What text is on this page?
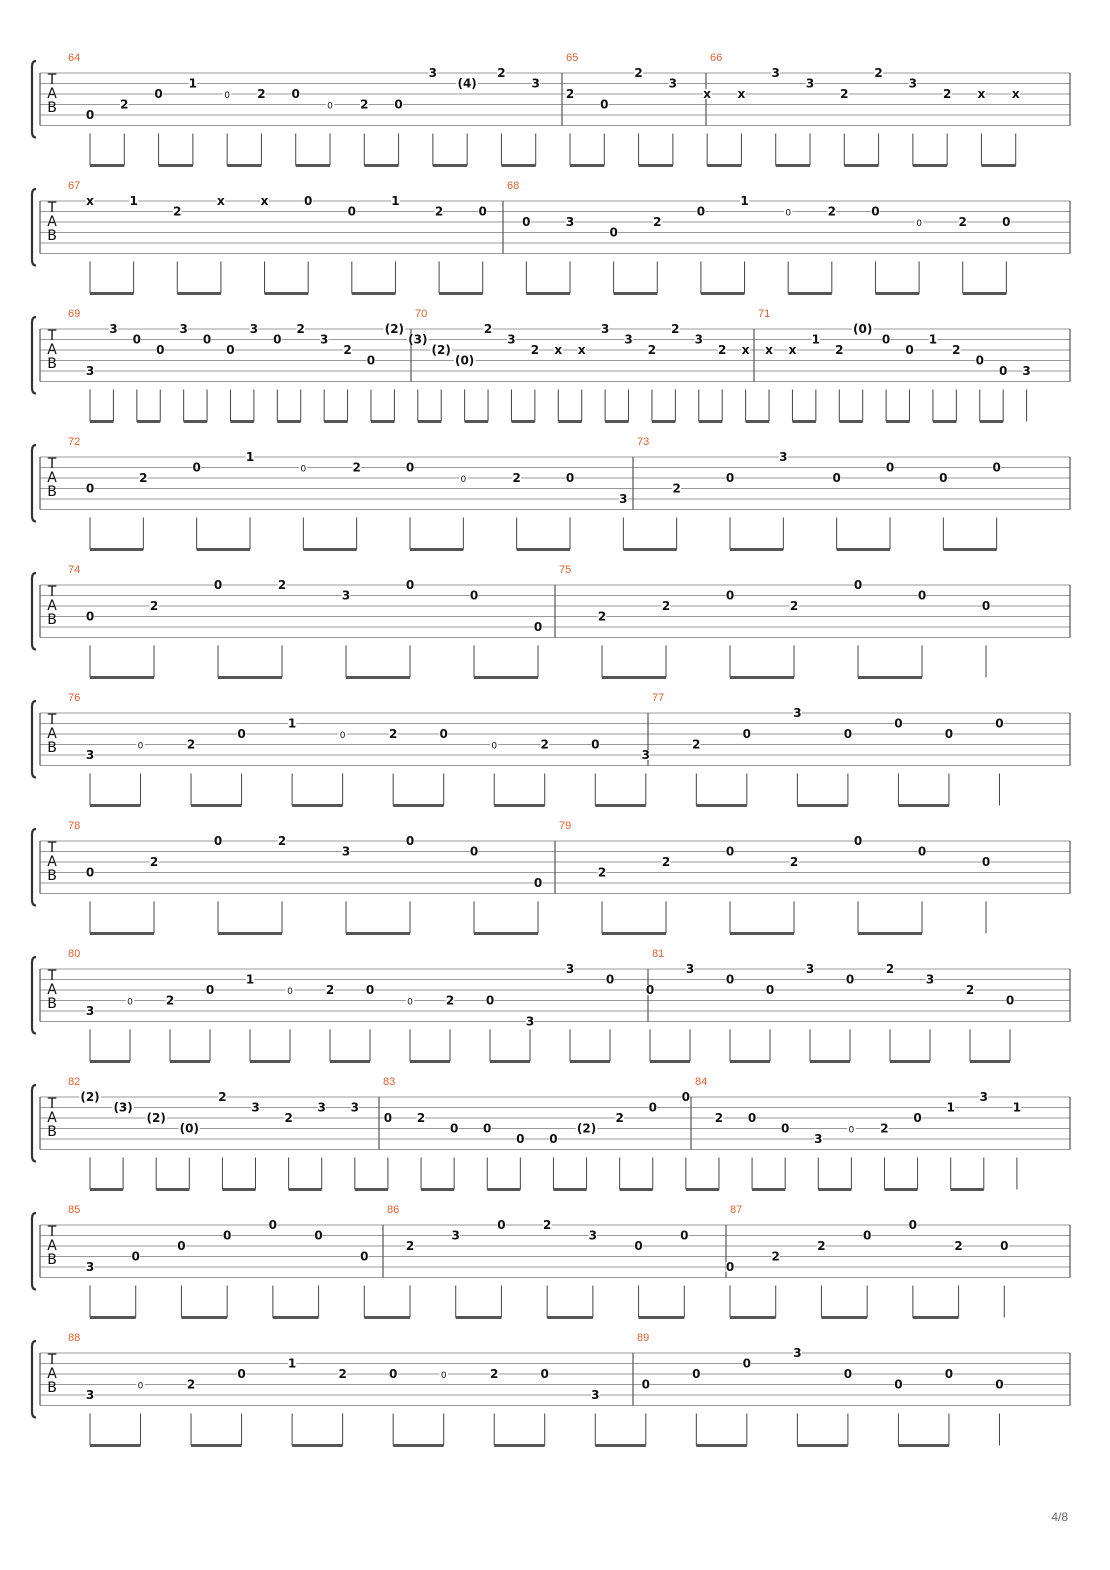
T
A
B
64	65	66
0
2
0
1
0 2 0
0 2 0
3
(4)
2
3
2
0
2
3
x x
3
3
2
2
3
2 x x
T
A
B
67	68
x	1
2
x	x	0
0
1
2	0
0	3
0
2
0
1
0	2	0
0	2	0
T
A
B
69	70	71
3
3
0
0
3
0
0
3
0
2
3
2
0
(2)
(3)
(2)
(0)
2
3
2 x x
3
3
2
2
3
2 x x x
1
2
(0)
0
0
1
2
0
0 3
T
A
B
72	73
0
2
0
1
0	2	0
0	2	0
3
2
0
3
0
0
0
0
T
A
B
74	75
0
2
0	2
3
0
0
0
2
2
0
2
0
0
0
T
A
B
76	77
3
0	2
0
1
0	2	0
0	2	0
3
2
0
3
0
0
0
0
T
A
B
78	79
0
2
0	2
3
0
0
0
2
2
0
2
0
0
0
T
A
B
80	81
3
0	2
0
1
0	2	0
0	2	0
3
3
0
0
3
0
0
3
0
2
3
2
0
T
A
B
82	83	84
(2)
(3)
(2)
(0)
2
3
2
3 3
0 2
0 0
0 0
(2)
2
0
0
2 0
0
3
0 2
0
1
3
1
T
A
B
85	86	87
3
0
0
0
0
0
0
2
3
0	2
3
0
0
0
2
2
0
0
2	0
T
A
B
88	89
3
0	2
0
1
2	0	0	2	0
3
0
0
0
3
0
0
0
0
4/8
